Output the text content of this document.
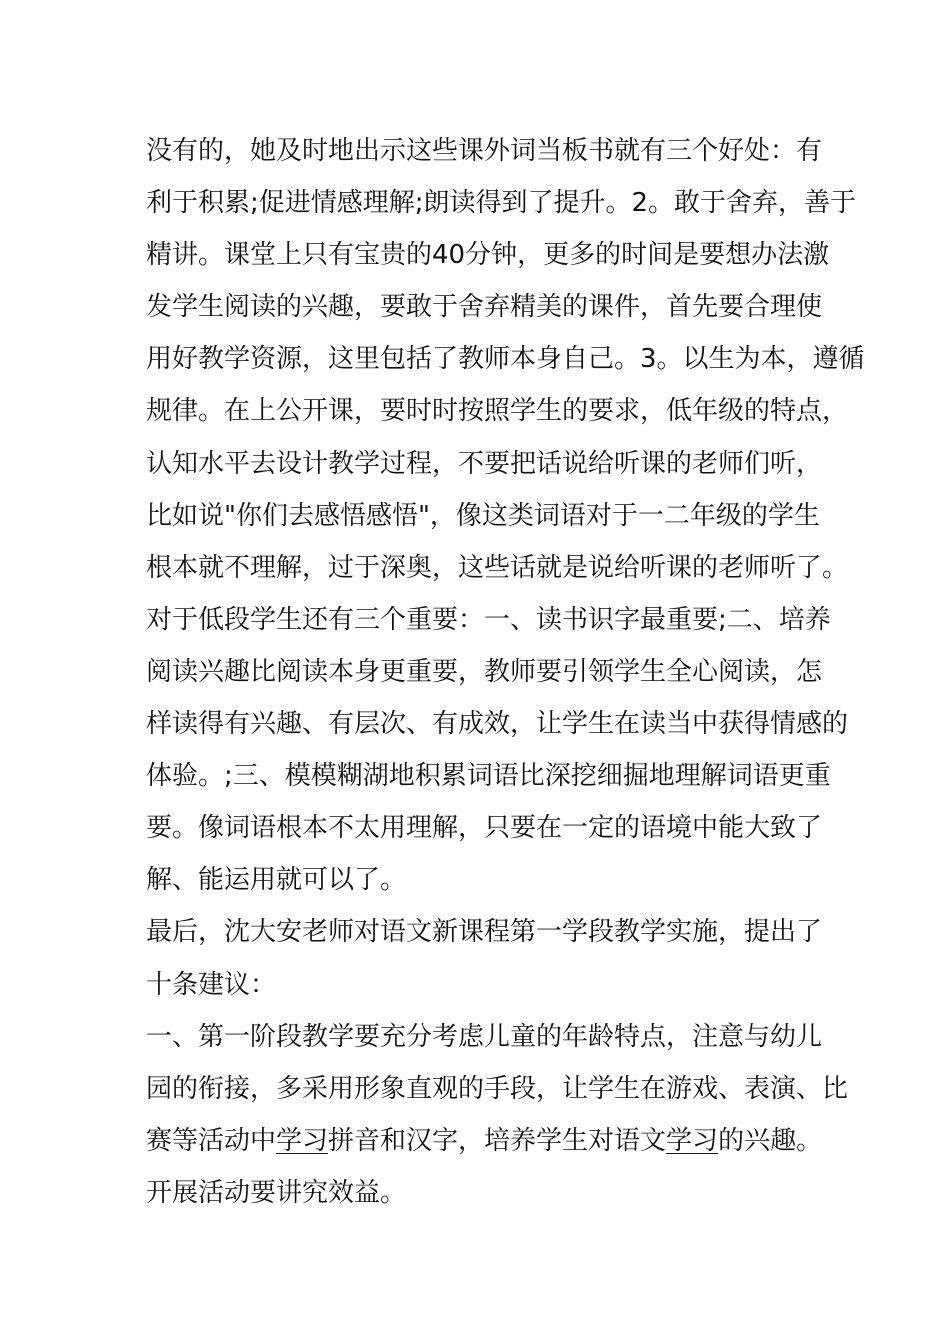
没有的，她及时地出示这些课外词当板书就有三个好处：有
利于积累;促进情感理解;朗读得到了提升。2。敢于舍弃，善于
精讲。课堂上只有宝贵的40分钟，更多的时间是要想办法激
发学生阅读的兴趣，要敢于舍弃精美的课件，首先要合理使
用好教学资源，这里包括了教师本身自己。3。以生为本，遵循
规律。在上公开课，要时时按照学生的要求，低年级的特点，
认知水平去设计教学过程，不要把话说给听课的老师们听，
比如说"你们去感悟感悟"，像这类词语对于一二年级的学生
根本就不理解，过于深奥，这些话就是说给听课的老师听了。
对于低段学生还有三个重要：一、读书识字最重要;二、培养
阅读兴趣比阅读本身更重要，教师要引领学生全心阅读，怎
样读得有兴趣、有层次、有成效，让学生在读当中获得情感的
体验。;三、模模糊湖地积累词语比深挖细掘地理解词语更重
要。像词语根本不太用理解，只要在一定的语境中能大致了
解、能运用就可以了。
最后，沈大安老师对语文新课程第一学段教学实施，提出了
十条建议：
一、第一阶段教学要充分考虑儿童的年龄特点，注意与幼儿
园的衔接，多采用形象直观的手段，让学生在游戏、表演、比
赛等活动中学习拼音和汉字，培养学生对语文学习的兴趣。
开展活动要讲究效益。
